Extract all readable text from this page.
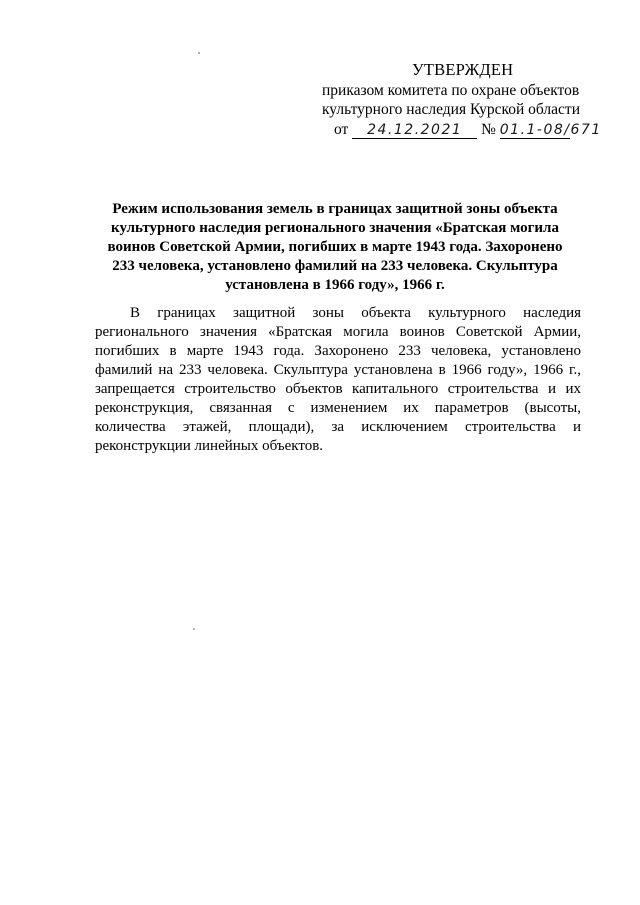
УТВЕРЖДЕН
приказом комитета по охране объектов
культурного наследия Курской области
от 24.12.2021 № 01.1-08/671
Режим использования земель в границах защитной зоны объекта культурного наследия регионального значения «Братская могила воинов Советской Армии, погибших в марте 1943 года. Захоронено 233 человека, установлено фамилий на 233 человека. Скульптура установлена в 1966 году», 1966 г.

В границах защитной зоны объекта культурного наследия регионального значения «Братская могила воинов Советской Армии, погибших в марте 1943 года. Захоронено 233 человека, установлено фамилий на 233 человека. Скульптура установлена в 1966 году», 1966 г., запрещается строительство объектов капитального строительства и их реконструкция, связанная с изменением их параметров (высоты, количества этажей, площади), за исключением строительства и реконструкции линейных объектов.
